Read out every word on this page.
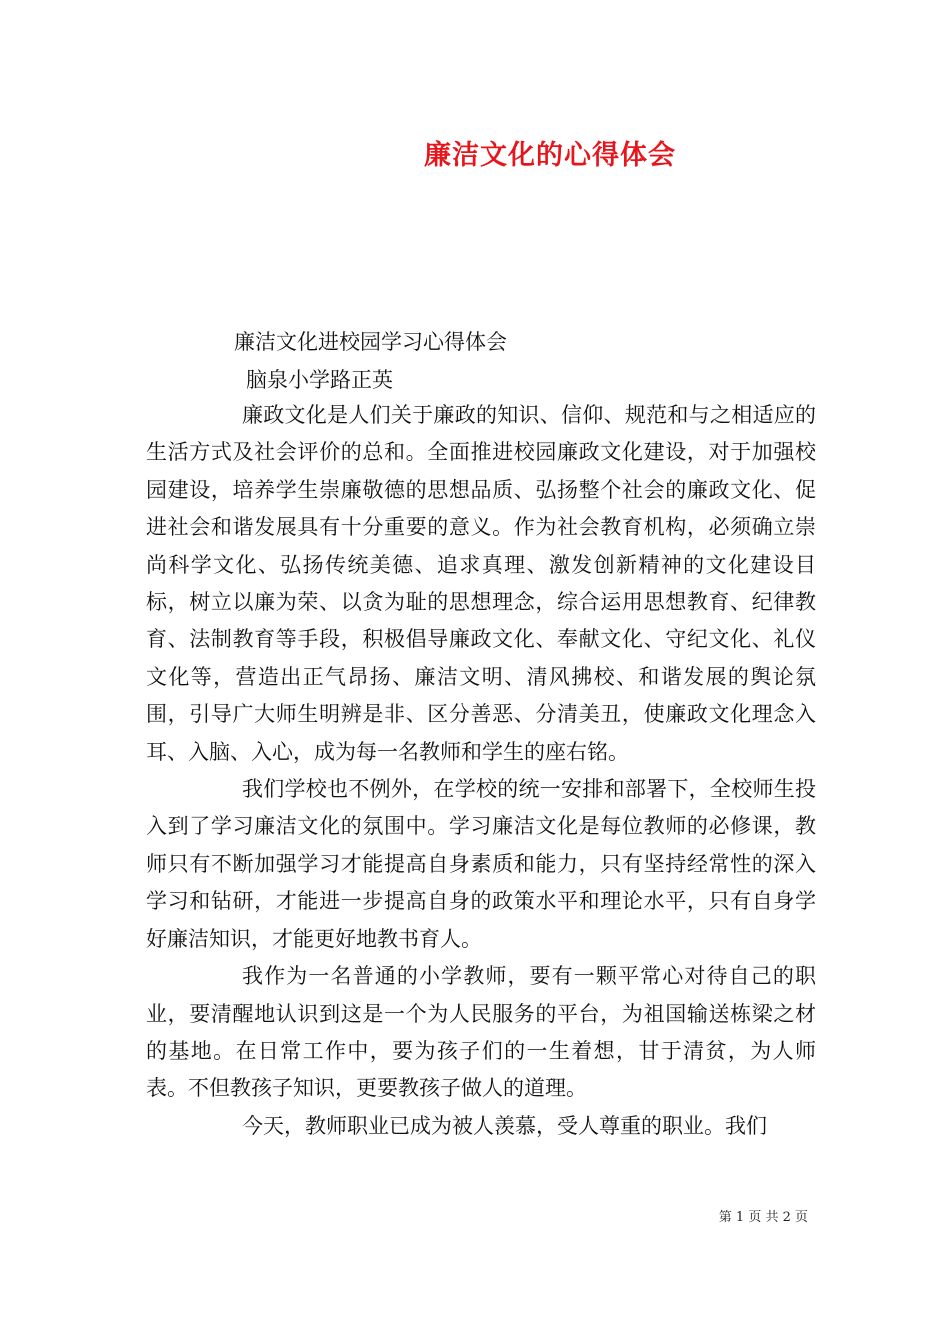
廉洁文化的心得体会
廉洁文化进校园学习心得体会
脑泉小学路正英

廉政文化是人们关于廉政的知识、信仰、规范和与之相适应的生活方式及社会评价的总和。全面推进校园廉政文化建设，对于加强校园建设，培养学生崇廉敬德的思想品质、弘扬整个社会的廉政文化、促进社会和谐发展具有十分重要的意义。作为社会教育机构，必须确立崇尚科学文化、弘扬传统美德、追求真理、激发创新精神的文化建设目标，树立以廉为荣、以贪为耻的思想理念，综合运用思想教育、纪律教育、法制教育等手段，积极倡导廉政文化、奉献文化、守纪文化、礼仪文化等，营造出正气昂扬、廉洁文明、清风拂校、和谐发展的舆论氛围，引导广大师生明辨是非、区分善恶、分清美丑，使廉政文化理念入耳、入脑、入心，成为每一名教师和学生的座右铭。

我们学校也不例外，在学校的统一安排和部署下，全校师生投入到了学习廉洁文化的氛围中。学习廉洁文化是每位教师的必修课，教师只有不断加强学习才能提高自身素质和能力，只有坚持经常性的深入学习和钻研，才能进一步提高自身的政策水平和理论水平，只有自身学好廉洁知识，才能更好地教书育人。

我作为一名普通的小学教师，要有一颗平常心对待自己的职业，要清醒地认识到这是一个为人民服务的平台，为祖国输送栋梁之材的基地。在日常工作中，要为孩子们的一生着想，甘于清贫，为人师表。不但教孩子知识，更要教孩子做人的道理。

今天，教师职业已成为被人羡慕，受人尊重的职业。我们

第 1 页 共 2 页
